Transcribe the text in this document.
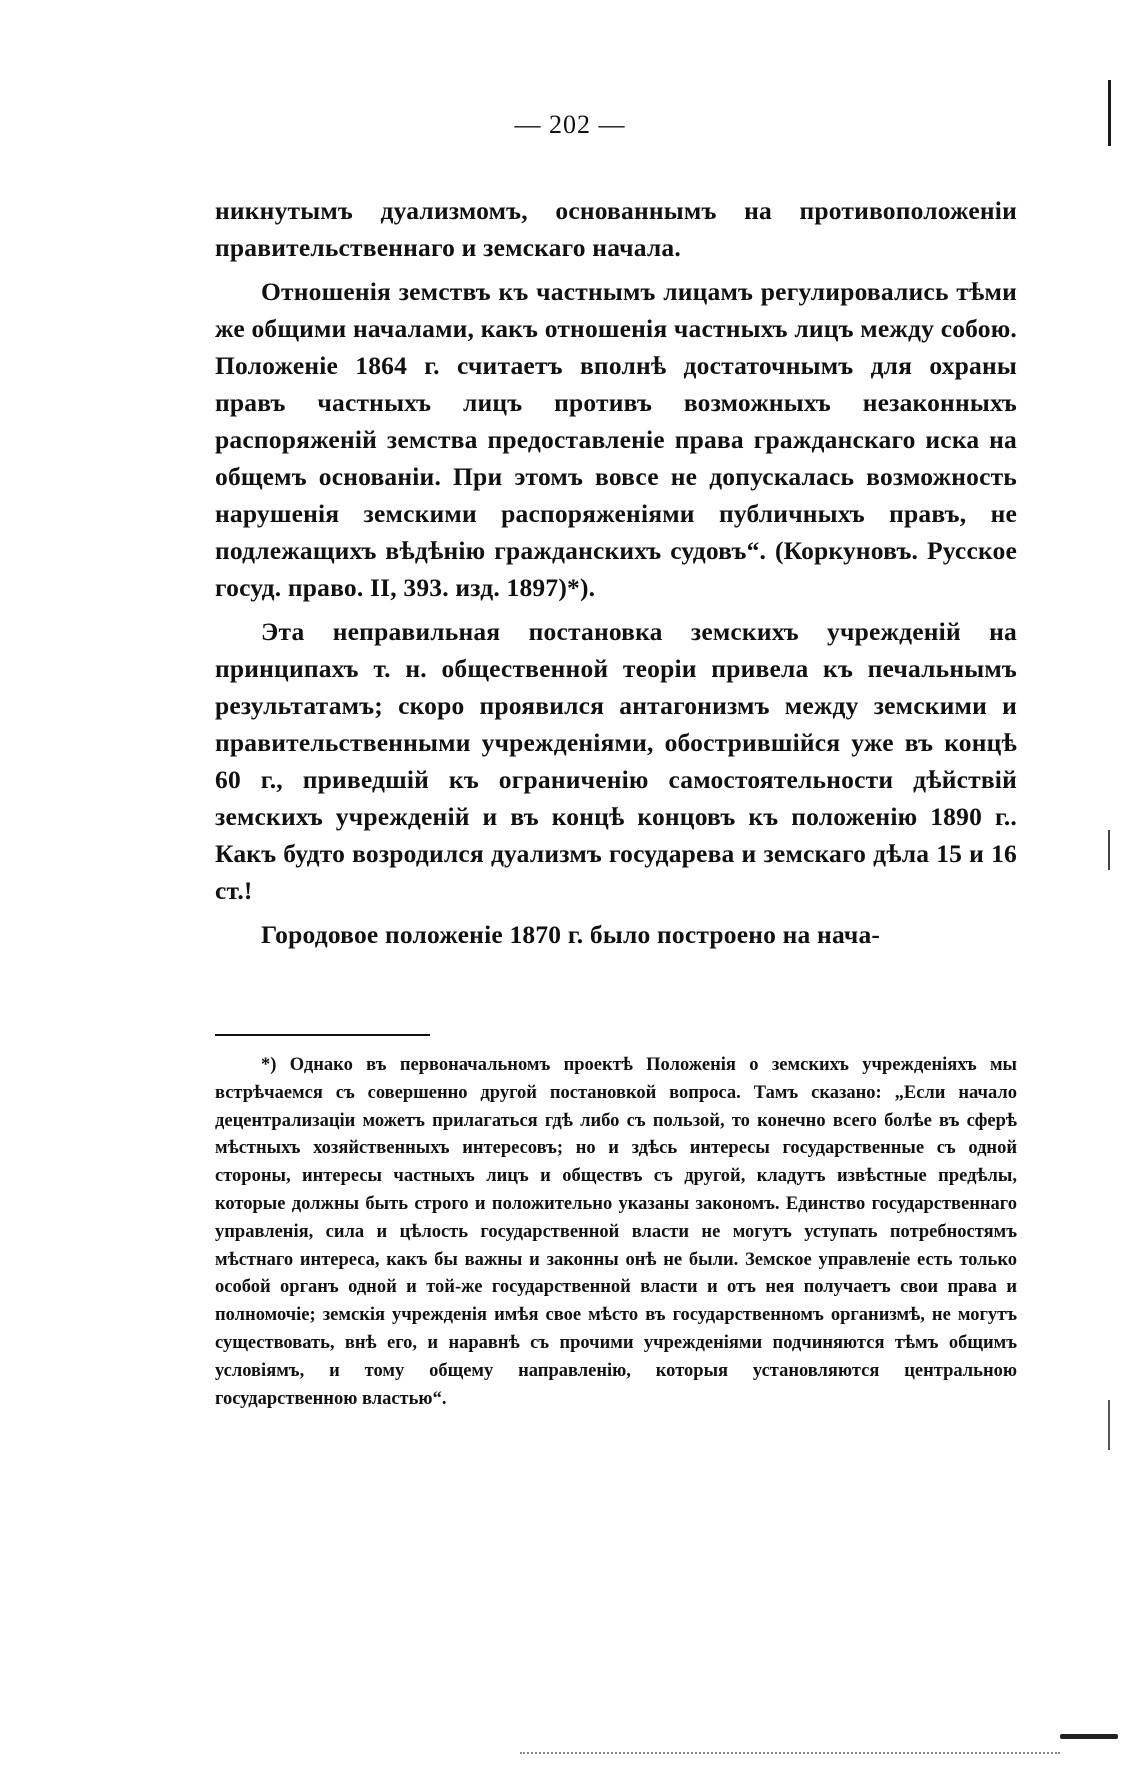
— 202 —

никнутымъ дуализмомъ, основаннымъ на противоположенiи правительственнаго и земскаго начала.

Отношенiя земствъ къ частнымъ лицамъ регулировались тѣми же общими началами, какъ отношенiя частныхъ лицъ между собою. Положенiе 1864 г. считаетъ вполнѣ достаточнымъ для охраны правъ частныхъ лицъ противъ возможныхъ незаконныхъ распоряженiй земства предоставленiе права гражданскаго иска на общемъ основанiи. При этомъ вовсе не допускалась возможность нарушенiя земскими распоряженiями публичныхъ правъ, не подлежащихъ вѣдѣнiю гражданскихъ судовъ“. (Коркуновъ. Русское госуд. право. II, 393. изд. 1897)*).

Эта неправильная постановка земскихъ учрежденiй на принципахъ т. н. общественной теорiи привела къ печальнымъ результатамъ; скоро проявился антагонизмъ между земскими и правительственными учрежденiями, обострившiйся уже въ концѣ 60 г., приведшiй къ ограниченiю самостоятельности дѣйствiй земскихъ учрежденiй и въ концѣ концовъ къ положенiю 1890 г.. Какъ будто возродился дуализмъ государева и земскаго дѣла 15 и 16 ст.!

Городовое положенiе 1870 г. было построено на нача-

*) Однако въ первоначальномъ проектѣ Положенiя о земскихъ учрежденiяхъ мы встрѣчаемся съ совершенно другой постановкой вопроса. Тамъ сказано: „Если начало децентрализацiи можетъ прилагаться гдѣ либо съ пользой, то конечно всего болѣе въ сферѣ мѣстныхъ хозяйственныхъ интересовъ; но и здѣсь интересы государственные съ одной стороны, интересы частныхъ лицъ и обществъ съ другой, кладутъ извѣстные предѣлы, которые должны быть строго и положительно указаны закономъ. Единство государственнаго управленiя, сила и цѣлость государственной власти не могутъ уступать потребностямъ мѣстнаго интереса, какъ бы важны и законны онѣ не были. Земское управленiе есть только особой органъ одной и той-же государственной власти и отъ нея получаетъ свои права и полномочiе; земскiя учрежденiя имѣя свое мѣсто въ государственномъ организмѣ, не могутъ существовать, внѣ его, и наравнѣ съ прочими учрежденiями подчиняются тѣмъ общимъ условiямъ, и тому общему направленiю, которыя установляются центральною государственною властью“.
